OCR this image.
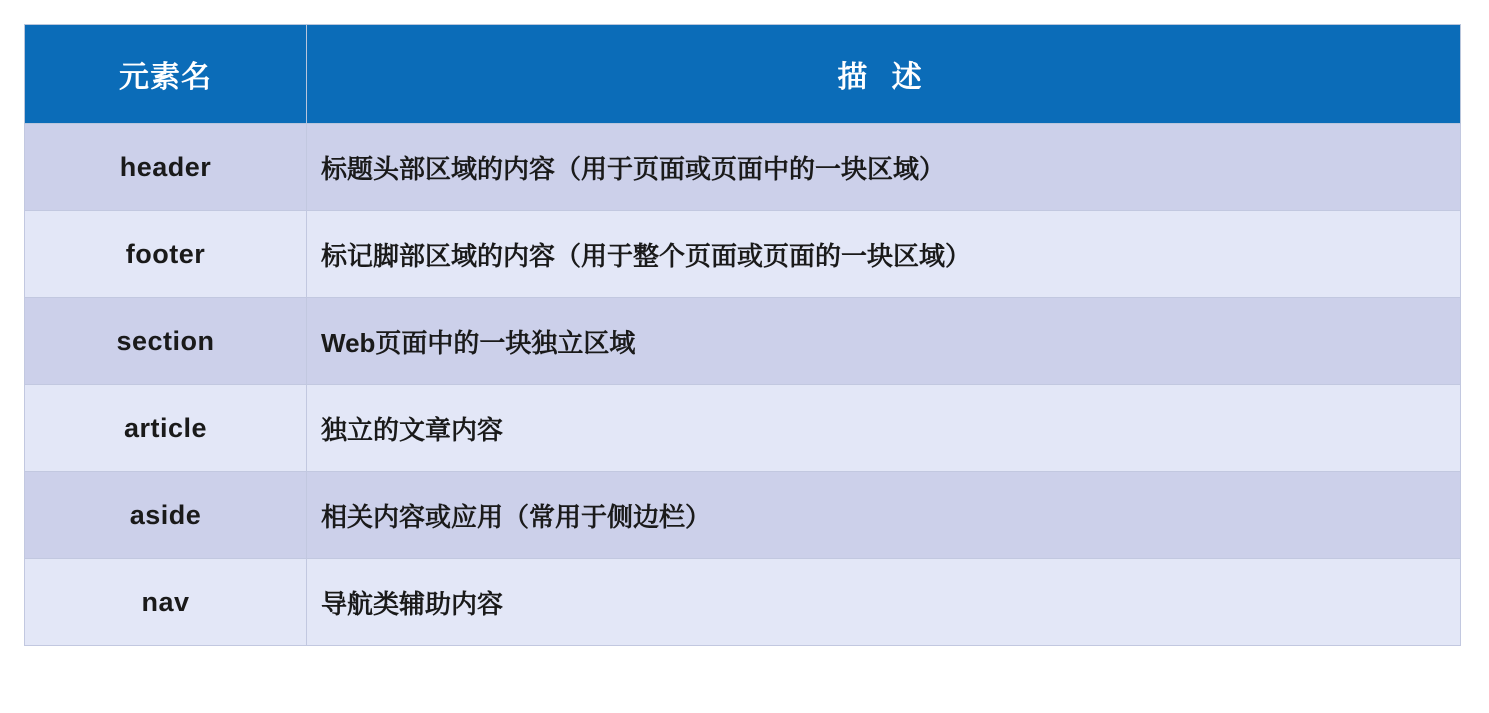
元素名	描 述
header	标题头部区域的内容（用于页面或页面中的一块区域）
footer	标记脚部区域的内容（用于整个页面或页面的一块区域）
section	Web页面中的一块独立区域
article	独立的文章内容
aside	相关内容或应用（常用于侧边栏）
nav	导航类辅助内容
